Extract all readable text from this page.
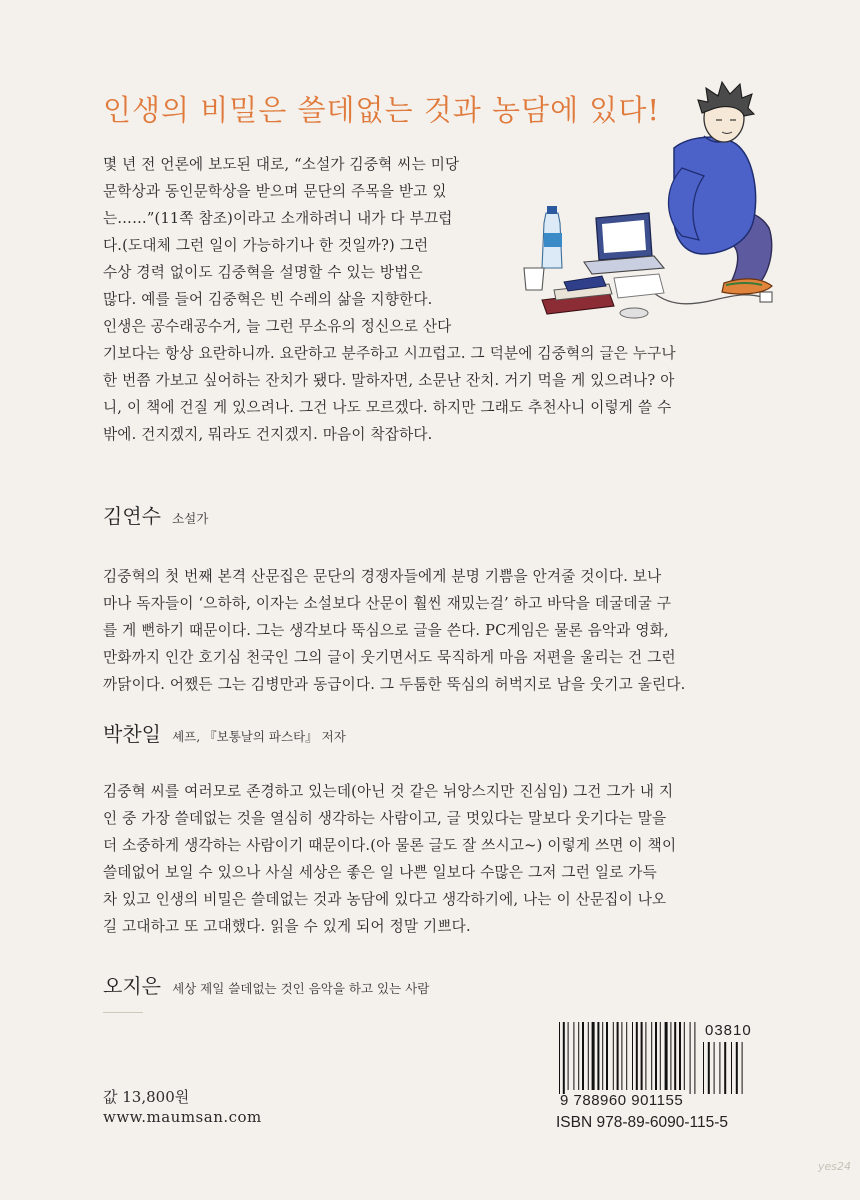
인생의 비밀은 쓸데없는 것과 농담에 있다!
몇 년 전 언론에 보도된 대로, “소설가 김중혁 씨는 미당
문학상과 동인문학상을 받으며 문단의 주목을 받고 있
는……”(11쪽 참조)이라고 소개하려니 내가 다 부끄럽
다.(도대체 그런 일이 가능하기나 한 것일까?) 그런
수상 경력 없이도 김중혁을 설명할 수 있는 방법은
많다. 예를 들어 김중혁은 빈 수레의 삶을 지향한다.
인생은 공수래공수거, 늘 그런 무소유의 정신으로 산다
기보다는 항상 요란하니까. 요란하고 분주하고 시끄럽고. 그 덕분에 김중혁의 글은 누구나
한 번쯤 가보고 싶어하는 잔치가 됐다. 말하자면, 소문난 잔치. 거기 먹을 게 있으려나? 아
니, 이 책에 건질 게 있으려나. 그건 나도 모르겠다. 하지만 그래도 추천사니 이렇게 쓸 수
밖에. 건지겠지, 뭐라도 건지겠지. 마음이 착잡하다.
김연수 소설가
김중혁의 첫 번째 본격 산문집은 문단의 경쟁자들에게 분명 기쁨을 안겨줄 것이다. 보나
마나 독자들이 ‘으하하, 이자는 소설보다 산문이 훨씬 재밌는걸’ 하고 바닥을 데굴데굴 구
를 게 뻔하기 때문이다. 그는 생각보다 뚝심으로 글을 쓴다. PC게임은 물론 음악과 영화,
만화까지 인간 호기심 천국인 그의 글이 웃기면서도 묵직하게 마음 저편을 울리는 건 그런
까닭이다. 어쨌든 그는 김병만과 동급이다. 그 두툼한 뚝심의 허벅지로 남을 웃기고 울린다.
박찬일 셰프, 『보통날의 파스타』 저자
김중혁 씨를 여러모로 존경하고 있는데(아닌 것 같은 뉘앙스지만 진심임) 그건 그가 내 지
인 중 가장 쓸데없는 것을 열심히 생각하는 사람이고, 글 멋있다는 말보다 웃기다는 말을
더 소중하게 생각하는 사람이기 때문이다.(아 물론 글도 잘 쓰시고~) 이렇게 쓰면 이 책이
쓸데없어 보일 수 있으나 사실 세상은 좋은 일 나쁜 일보다 수많은 그저 그런 일로 가득
차 있고 인생의 비밀은 쓸데없는 것과 농담에 있다고 생각하기에, 나는 이 산문집이 나오
길 고대하고 또 고대했다. 읽을 수 있게 되어 정말 기쁘다.
오지은 세상 제일 쓸데없는 것인 음악을 하고 있는 사람
값 13,800원
www.maumsan.com
03810
9 788960 901155
ISBN 978-89-6090-115-5
yes24
